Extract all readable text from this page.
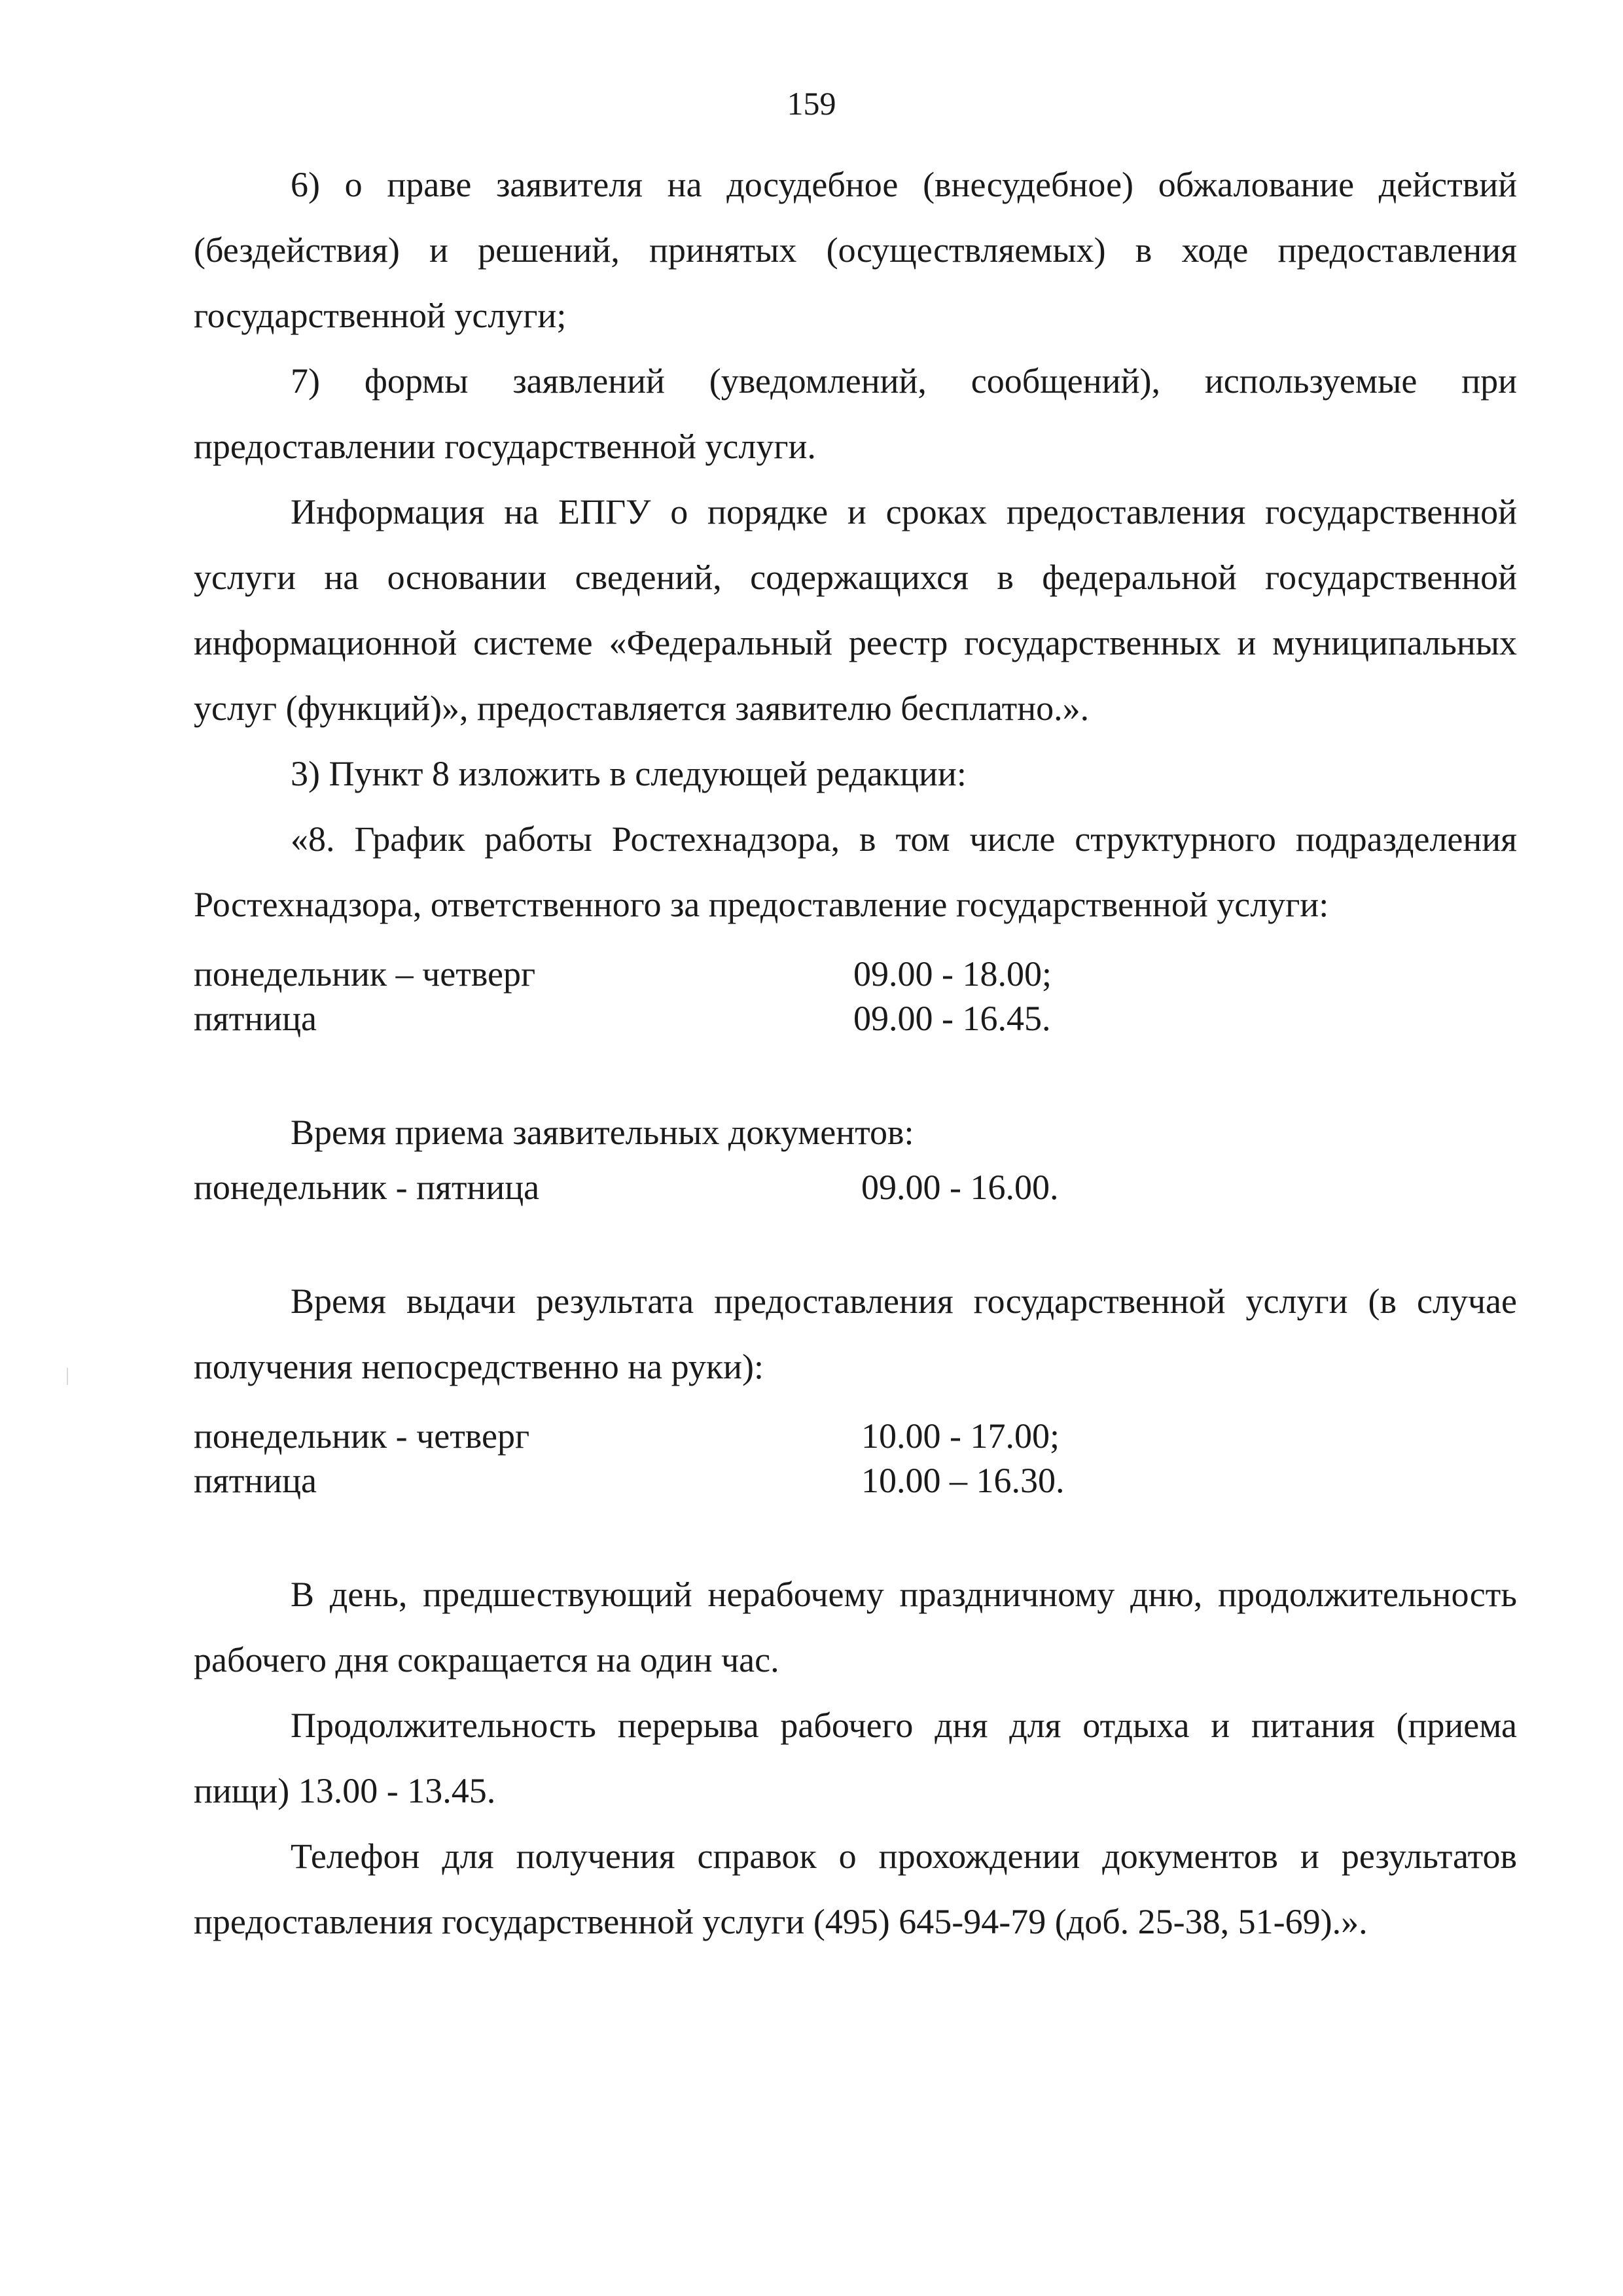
159

6) о праве заявителя на досудебное (внесудебное) обжалование действий (бездействия) и решений, принятых (осуществляемых) в ходе предоставления государственной услуги;

7) формы заявлений (уведомлений, сообщений), используемые при предоставлении государственной услуги.

Информация на ЕПГУ о порядке и сроках предоставления государственной услуги на основании сведений, содержащихся в федеральной государственной информационной системе «Федеральный реестр государственных и муниципальных услуг (функций)», предоставляется заявителю бесплатно.».

3) Пункт 8 изложить в следующей редакции:

«8. График работы Ростехнадзора, в том числе структурного подразделения Ростехнадзора, ответственного за предоставление государственной услуги:

понедельник – четверг	09.00 - 18.00;
пятница	09.00 - 16.45.

Время приема заявительных документов:

понедельник - пятница	09.00 - 16.00.

Время выдачи результата предоставления государственной услуги (в случае получения непосредственно на руки):

понедельник - четверг	10.00 - 17.00;
пятница	10.00 – 16.30.

В день, предшествующий нерабочему праздничному дню, продолжительность рабочего дня сокращается на один час.

Продолжительность перерыва рабочего дня для отдыха и питания (приема пищи) 13.00 - 13.45.

Телефон для получения справок о прохождении документов и результатов предоставления государственной услуги (495) 645-94-79 (доб. 25-38, 51-69).».
